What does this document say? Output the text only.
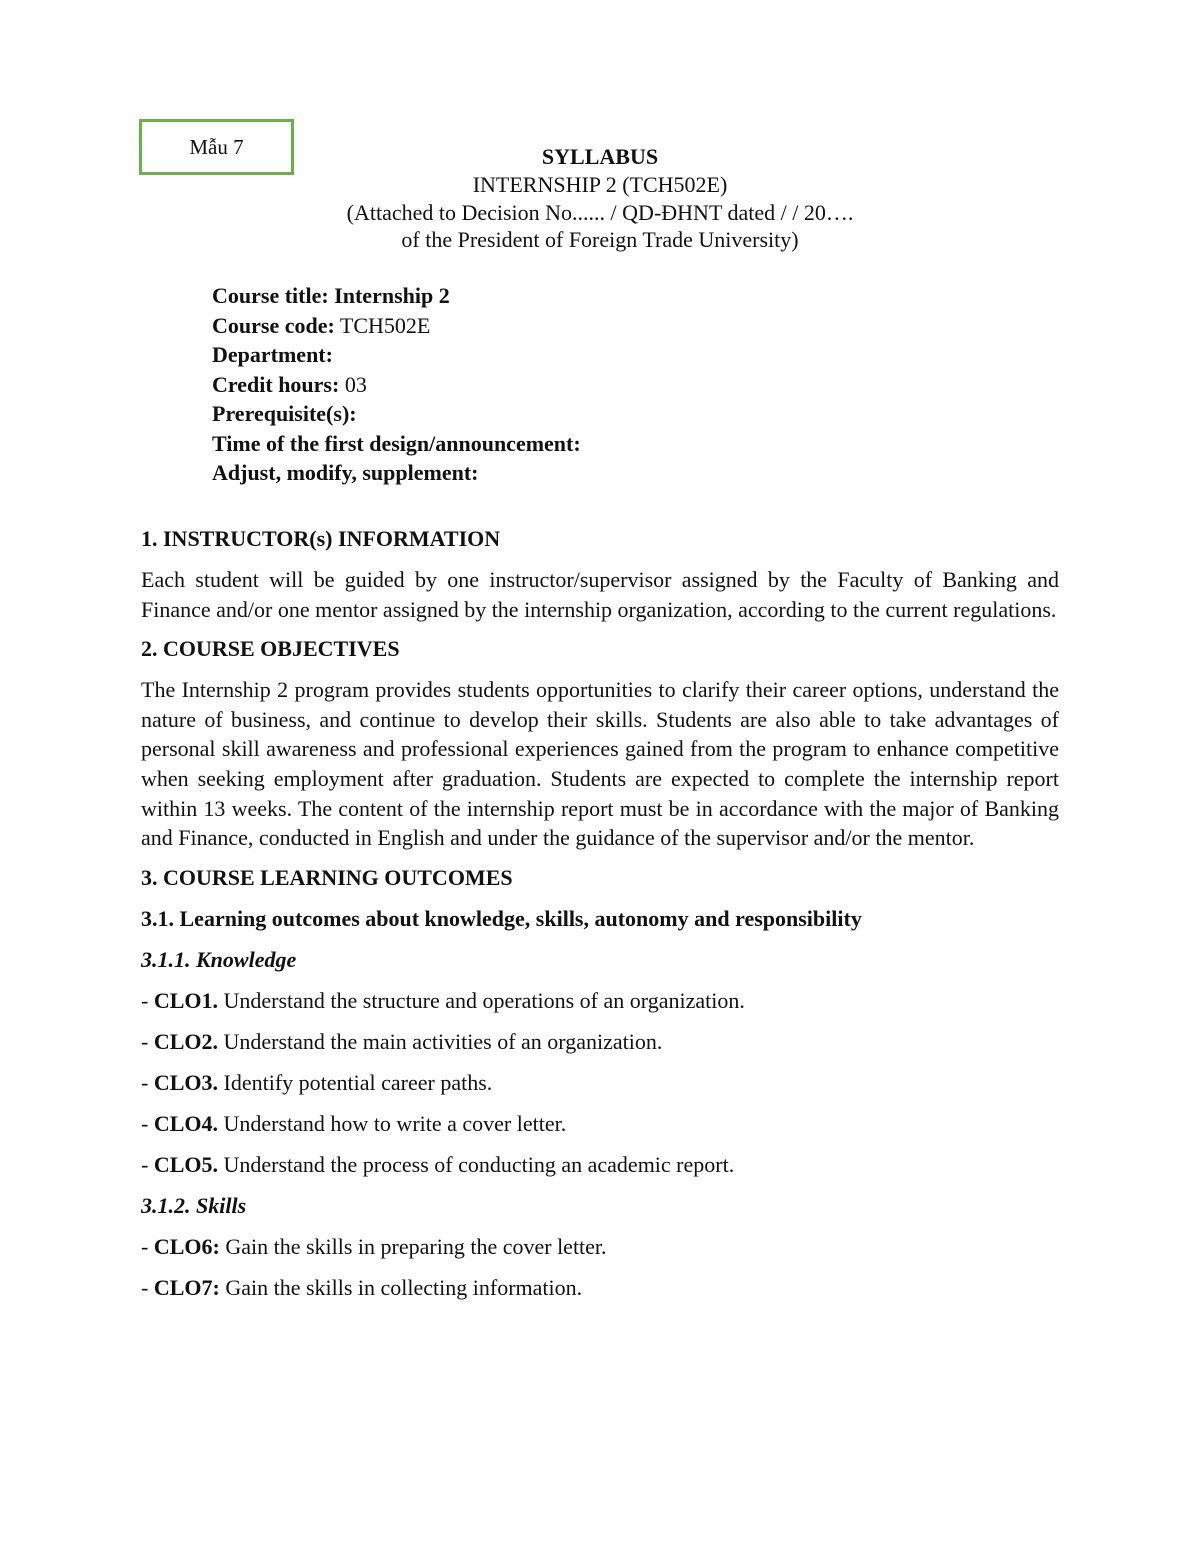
Mẫu 7	SYLLABUS
INTERNSHIP 2 (TCH502E)
(Attached to Decision No...... / QD-ĐHNT dated / / 20….
of the President of Foreign Trade University)
Course title: Internship 2
Course code: TCH502E
Department:
Credit hours: 03
Prerequisite(s):
Time of the first design/announcement:
Adjust, modify, supplement:
1. INSTRUCTOR(s) INFORMATION

Each student will be guided by one instructor/supervisor assigned by the Faculty of Banking and Finance and/or one mentor assigned by the internship organization, according to the current regulations.

2. COURSE OBJECTIVES

The Internship 2 program provides students opportunities to clarify their career options, understand the nature of business, and continue to develop their skills. Students are also able to take advantages of personal skill awareness and professional experiences gained from the program to enhance competitive when seeking employment after graduation. Students are expected to complete the internship report within 13 weeks. The content of the internship report must be in accordance with the major of Banking and Finance, conducted in English and under the guidance of the supervisor and/or the mentor.

3. COURSE LEARNING OUTCOMES
3.1. Learning outcomes about knowledge, skills, autonomy and responsibility
3.1.1. Knowledge
- CLO1. Understand the structure and operations of an organization.
- CLO2. Understand the main activities of an organization.
- CLO3. Identify potential career paths.
- CLO4. Understand how to write a cover letter.
- CLO5. Understand the process of conducting an academic report.
3.1.2. Skills
- CLO6: Gain the skills in preparing the cover letter.
- CLO7: Gain the skills in collecting information.
